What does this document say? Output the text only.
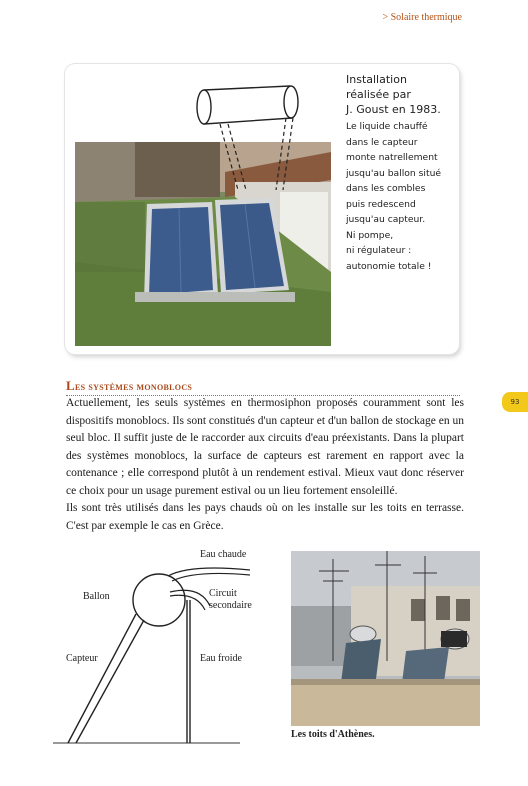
> Solaire thermique
Installation
réalisée par
J. Goust en 1983.
Le liquide chauffé
dans le capteur
monte natrellement
jusqu'au ballon situé
dans les combles
puis redescend
jusqu'au capteur.
Ni pompe,
ni régulateur :
autonomie totale !
Les systèmes monoblocs

Actuellement, les seuls systèmes en thermosiphon proposés couramment sont les dispositifs monoblocs. Ils sont constitués d'un capteur et d'un ballon de stockage en un seul bloc. Il suffit juste de le raccorder aux circuits d'eau préexistants. Dans la plupart des systèmes monoblocs, la surface de capteurs est rarement en rapport avec la contenance ; elle correspond plutôt à un rendement estival. Mieux vaut donc réserver ce choix pour un usage purement estival ou un lieu fortement ensoleillé.

Ils sont très utilisés dans les pays chauds où on les installe sur les toits en terrasse. C'est par exemple le cas en Grèce.

93
Eau chaude
Ballon	Circuit
secondaire
Capteur	Eau froide
Les toits d'Athènes.
